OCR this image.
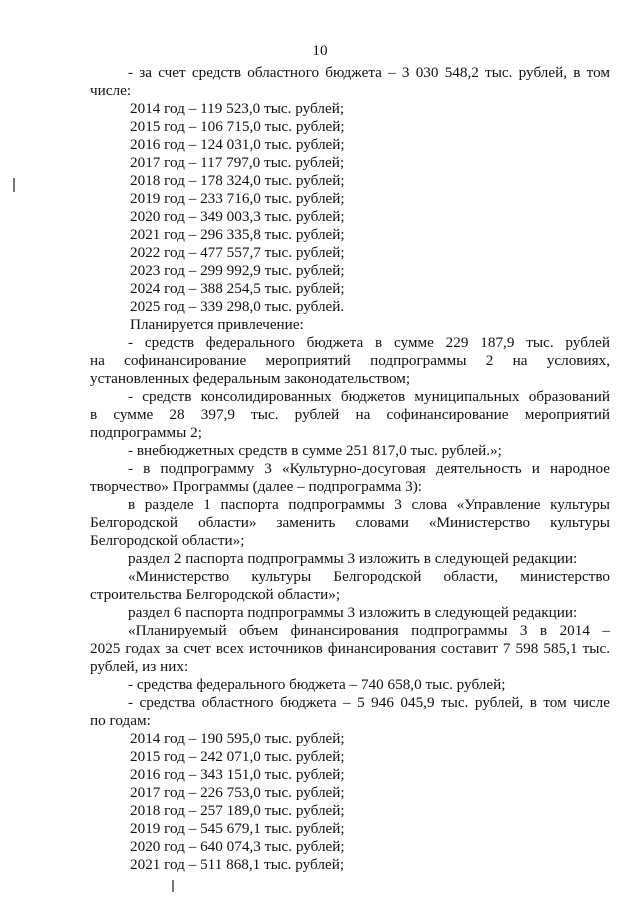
10

- за счет средств областного бюджета – 3 030 548,2 тыс. рублей, в том

числе:

2014 год – 119 523,0 тыс. рублей;

2015 год – 106 715,0 тыс. рублей;

2016 год – 124 031,0 тыс. рублей;

2017 год – 117 797,0 тыс. рублей;

2018 год – 178 324,0 тыс. рублей;

2019 год – 233 716,0 тыс. рублей;

2020 год – 349 003,3 тыс. рублей;

2021 год – 296 335,8 тыс. рублей;

2022 год – 477 557,7 тыс. рублей;

2023 год – 299 992,9 тыс. рублей;

2024 год – 388 254,5 тыс. рублей;

2025 год – 339 298,0 тыс. рублей.

Планируется привлечение:

- средств федерального бюджета в сумме 229 187,9 тыс. рублей

на софинансирование мероприятий подпрограммы 2 на условиях,

установленных федеральным законодательством;

- средств консолидированных бюджетов муниципальных образований

в сумме 28 397,9 тыс. рублей на софинансирование мероприятий

подпрограммы 2;

- внебюджетных средств в сумме 251 817,0 тыс. рублей.»;

- в подпрограмму 3 «Культурно-досуговая деятельность и народное

творчество» Программы (далее – подпрограмма 3):

в разделе 1 паспорта подпрограммы 3 слова «Управление культуры

Белгородской области» заменить словами «Министерство культуры

Белгородской области»;

раздел 2 паспорта подпрограммы 3 изложить в следующей редакции:

«Министерство культуры Белгородской области, министерство

строительства Белгородской области»;

раздел 6 паспорта подпрограммы 3 изложить в следующей редакции:

«Планируемый объем финансирования подпрограммы 3 в 2014 –

2025 годах за счет всех источников финансирования составит 7 598 585,1 тыс.

рублей, из них:

- средства федерального бюджета – 740 658,0 тыс. рублей;

- средства областного бюджета – 5 946 045,9 тыс. рублей, в том числе

по годам:

2014 год – 190 595,0 тыс. рублей;

2015 год – 242 071,0 тыс. рублей;

2016 год – 343 151,0 тыс. рублей;

2017 год – 226 753,0 тыс. рублей;

2018 год – 257 189,0 тыс. рублей;

2019 год – 545 679,1 тыс. рублей;

2020 год – 640 074,3 тыс. рублей;

2021 год – 511 868,1 тыс. рублей;
